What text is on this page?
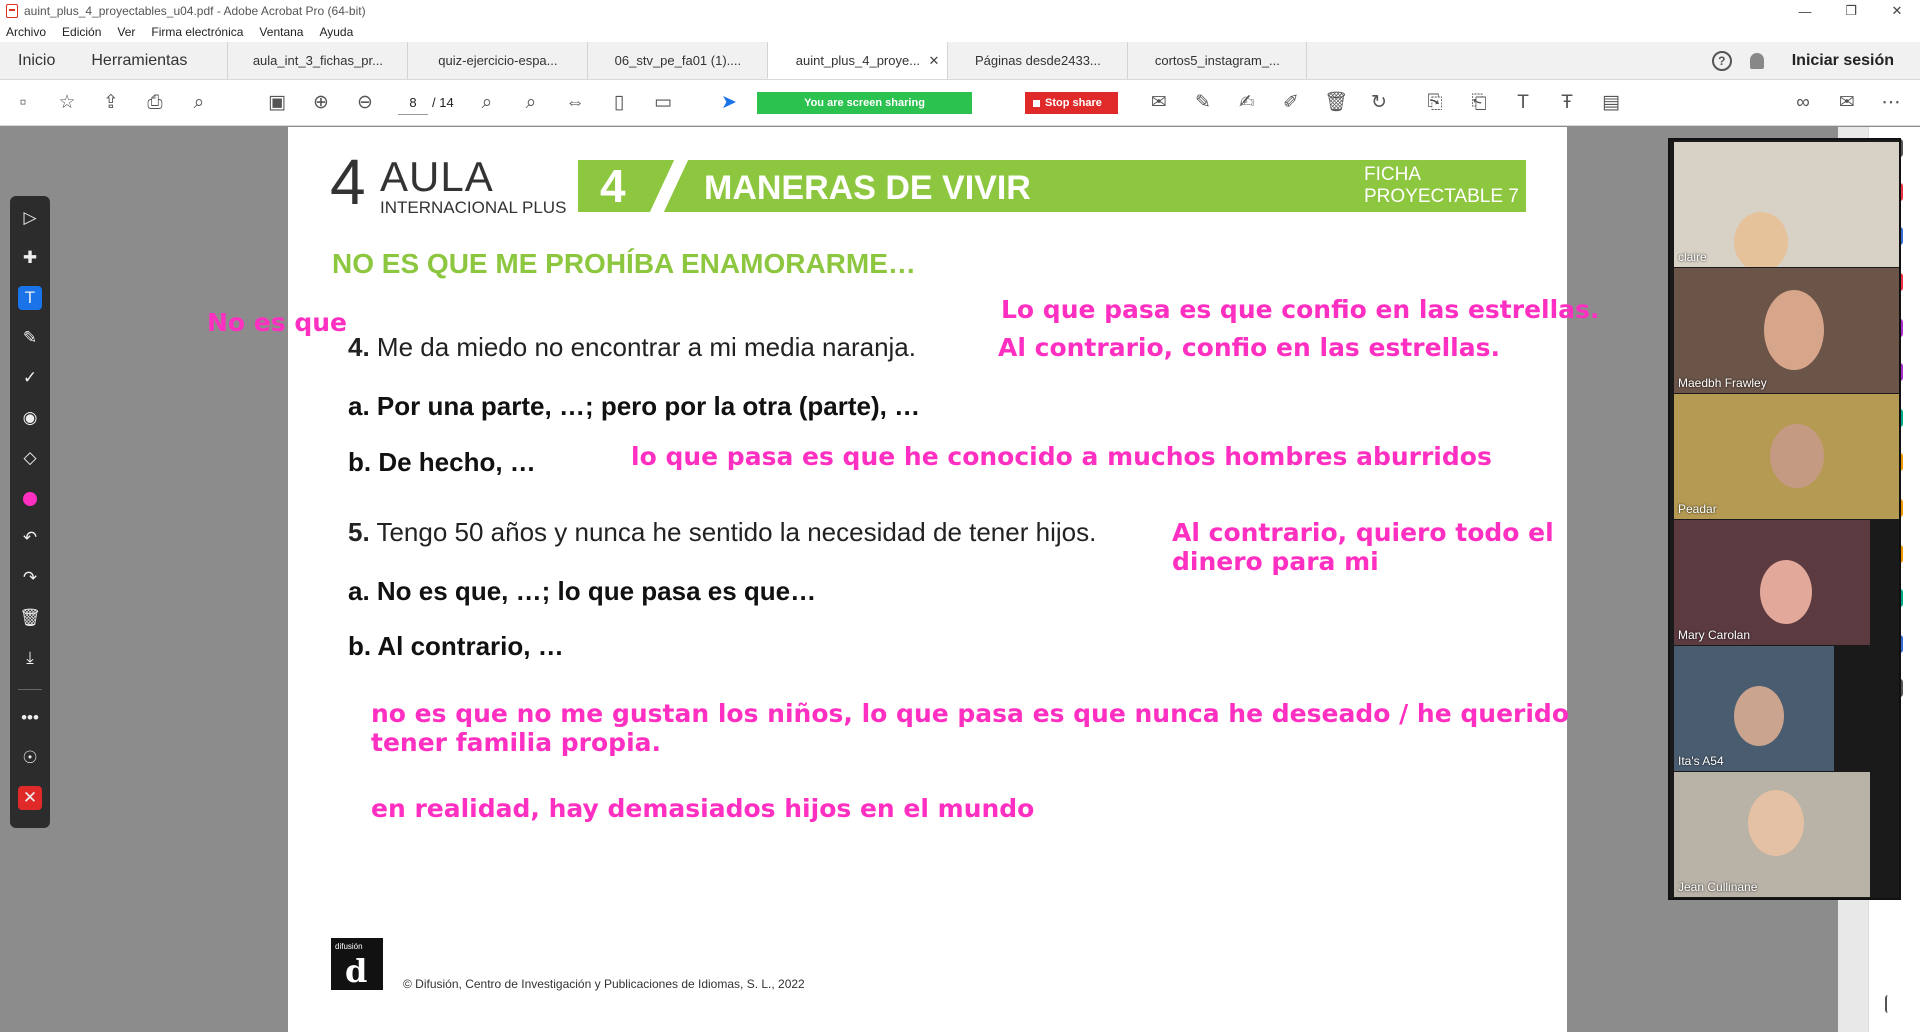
auint_plus_4_proyectables_u04.pdf - Adobe Acrobat Pro (64-bit)	—	❐	✕
Archivo Edición Ver Firma electrónica Ventana Ayuda
Inicio	Herramientas	aula_int_3_fichas_pr...	quiz-ejercicio-espa...	06_stv_pe_fa01 (1)....	auint_plus_4_proye... ✕	Páginas desde2433...	cortos5_instagram_...	?	Iniciar sesión
▫	☆ ⇪ ⎙ ⌕	▣ ⊕ ⊖	8	/ 14 ⌕ ⌕ ⇔	▯	▭	➤	You are screen sharing	Stop share	✉ ✎ ✍ ✐ 🗑 ↻ ⎘ ⎗ T Ŧ ▤	∞ ✉ ⋯
4 AULA
INTERNACIONAL PLUS 4 MANERAS DE VIVIR	FICHA
PROYECTABLE 7
NO ES QUE ME PROHÍBA ENAMORARME…
4. Me da miedo no encontrar a mi media naranja.
a. Por una parte, …; pero por la otra (parte), …
b. De hecho, …
5. Tengo 50 años y nunca he sentido la necesidad de tener hijos.
a. No es que, …; lo que pasa es que…
b. Al contrario, …
No es que	Lo que pasa es que confio en las estrellas.
Al contrario, confio en las estrellas.
lo que pasa es que he conocido a muchos hombres aburridos
Al contrario, quiero todo el
dinero para mi
no es que no me gustan los niños, lo que pasa es que nunca he deseado / he querido
tener familia propia.
en realidad, hay demasiados hijos en el mundo
difusión
d	© Difusión, Centro de Investigación y Publicaciones de Idiomas, S. L., 2022
▷
✚
T
✎
✓
◉
◇
↶
↷
🗑
⤓
•••
☉
✕
claire
Maedbh Frawley
Peadar
Mary Carolan
Ita's A54
Jean Cullinane
